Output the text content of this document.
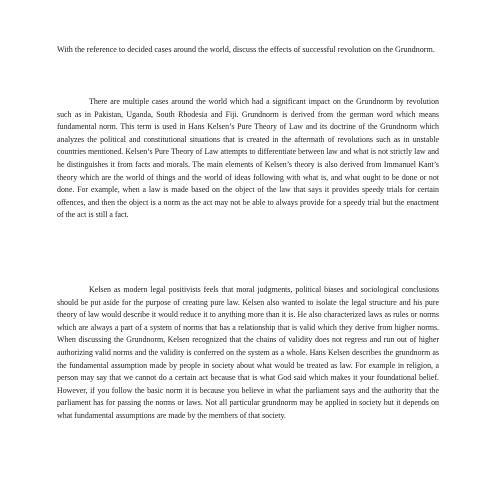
With the reference to decided cases around the world, discuss the effects of successful revolution on the Grundnorm.

There are multiple cases around the world which had a significant impact on the Grundnorm by revolution such as in Pakistan, Uganda, South Rhodesia and Fiji. Grundnorm is derived from the german word which means fundamental norm. This term is used in Hans Kelsen’s Pure Theory of Law and its doctrine of the Grundnorm which analyzes the political and constitutional situations that is created in the aftermath of revolutions such as in unstable countries mentioned. Kelsen’s Pure Theory of Law attempts to differentiate between law and what is not strictly law and he distinguishes it from facts and morals. The main elements of Kelsen’s theory is also derived from Immanuel Kant’s theory which are the world of things and the world of ideas following with what is, and what ought to be done or not done. For example, when a law is made based on the object of the law that says it provides speedy trials for certain offences, and then the object is a norm as the act may not be able to always provide for a speedy trial but the enactment of the act is still a fact.

Kelsen as modern legal positivists feels that moral judgments, political biases and sociological conclusions should be put aside for the purpose of creating pure law. Kelsen also wanted to isolate the legal structure and his pure theory of law would describe it would reduce it to anything more than it is. He also characterized laws as rules or norms which are always a part of a system of norms that has a relationship that is valid which they derive from higher norms. When discussing the Grundnorm, Kelsen recognized that the chains of validity does not regress and run out of higher authorizing valid norms and the validity is conferred on the system as a whole. Hans Kelsen describes the grundnorm as the fundamental assumption made by people in society about what would be treated as law. For example in religion, a person may say that we cannot do a certain act because that is what God said which makes it your foundational belief. However, if you follow the basic norm it is because you believe in what the parliament says and the authority that the parliament has for passing the norms or laws. Not all particular grundnorm may be applied in society but it depends on what fundamental assumptions are made by the members of that society.
